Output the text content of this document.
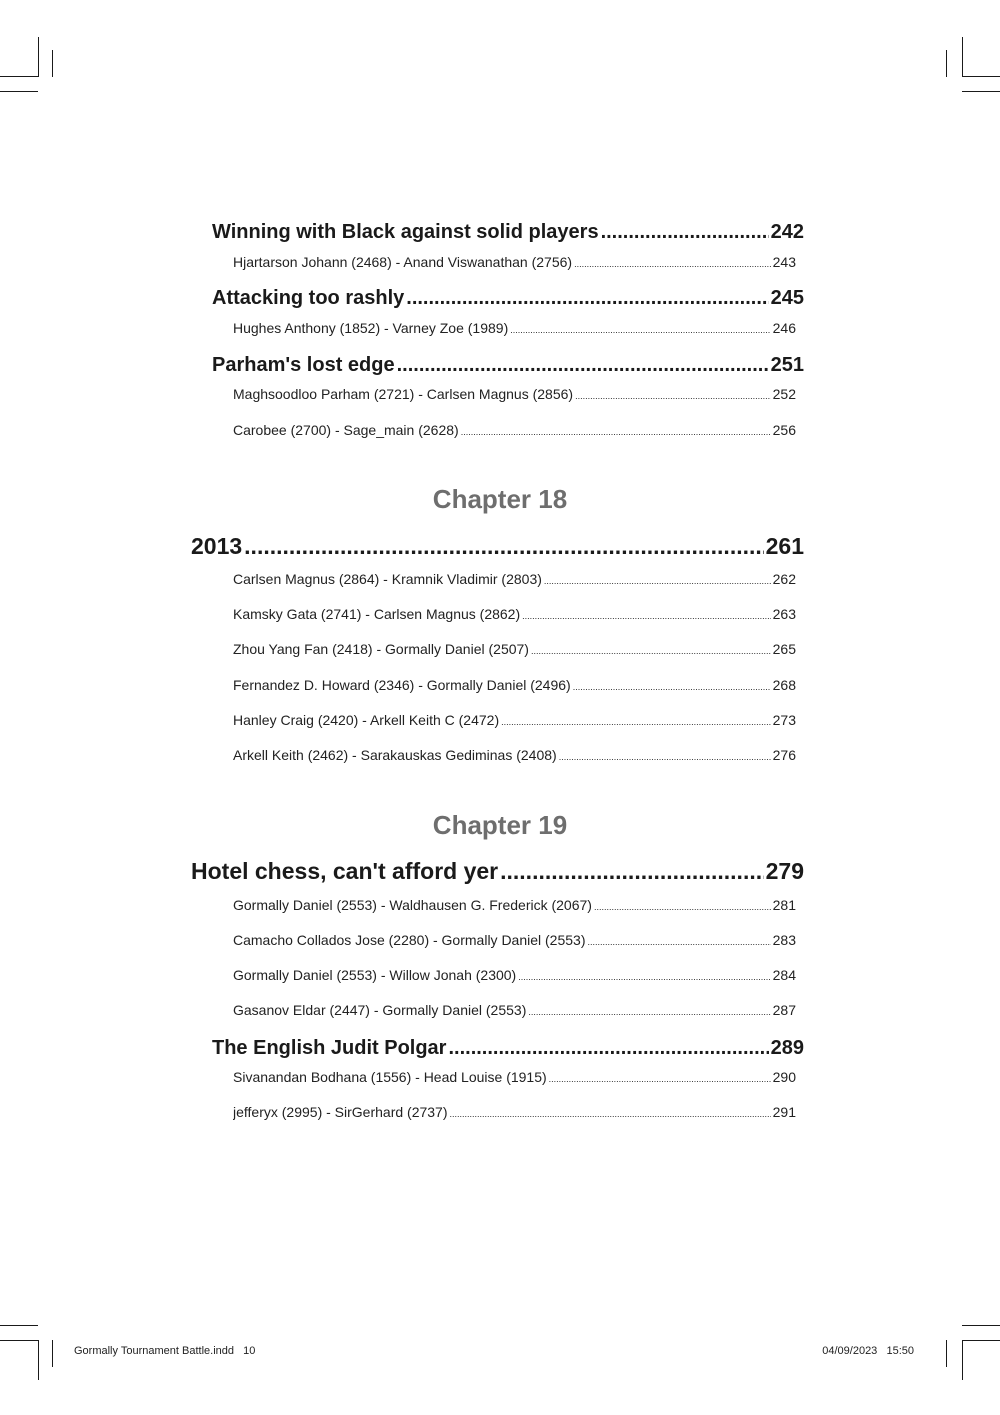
Winning with Black against solid players .....	242
Hjartarson Johann (2468) - Anand Viswanathan (2756) .....	243
Attacking too rashly .....	245
Hughes Anthony (1852) - Varney Zoe (1989) .....	246
Parham's lost edge .....	251
Maghsoodloo Parham (2721) - Carlsen Magnus (2856) .....	252
Carobee (2700) - Sage_main (2628) .....	256
Chapter 18
2013 .....	261
Carlsen Magnus (2864) - Kramnik Vladimir (2803) .....	262
Kamsky Gata (2741) - Carlsen Magnus (2862) .....	263
Zhou Yang Fan (2418) - Gormally Daniel (2507) .....	265
Fernandez D. Howard (2346) - Gormally Daniel (2496) .....	268
Hanley Craig (2420) - Arkell Keith C (2472) .....	273
Arkell Keith (2462) - Sarakauskas Gediminas (2408) .....	276
Chapter 19
Hotel chess, can't afford yer .....	279
Gormally Daniel (2553) - Waldhausen G. Frederick (2067) .....	281
Camacho Collados Jose (2280) - Gormally Daniel (2553) .....	283
Gormally Daniel (2553) - Willow Jonah (2300) .....	284
Gasanov Eldar (2447) - Gormally Daniel (2553) .....	287
The English Judit Polgar .....	289
Sivanandan Bodhana (1556) - Head Louise (1915) .....	290
jefferyx (2995) - SirGerhard (2737) .....	291
Gormally Tournament Battle.indd   10	04/09/2023   15:50
